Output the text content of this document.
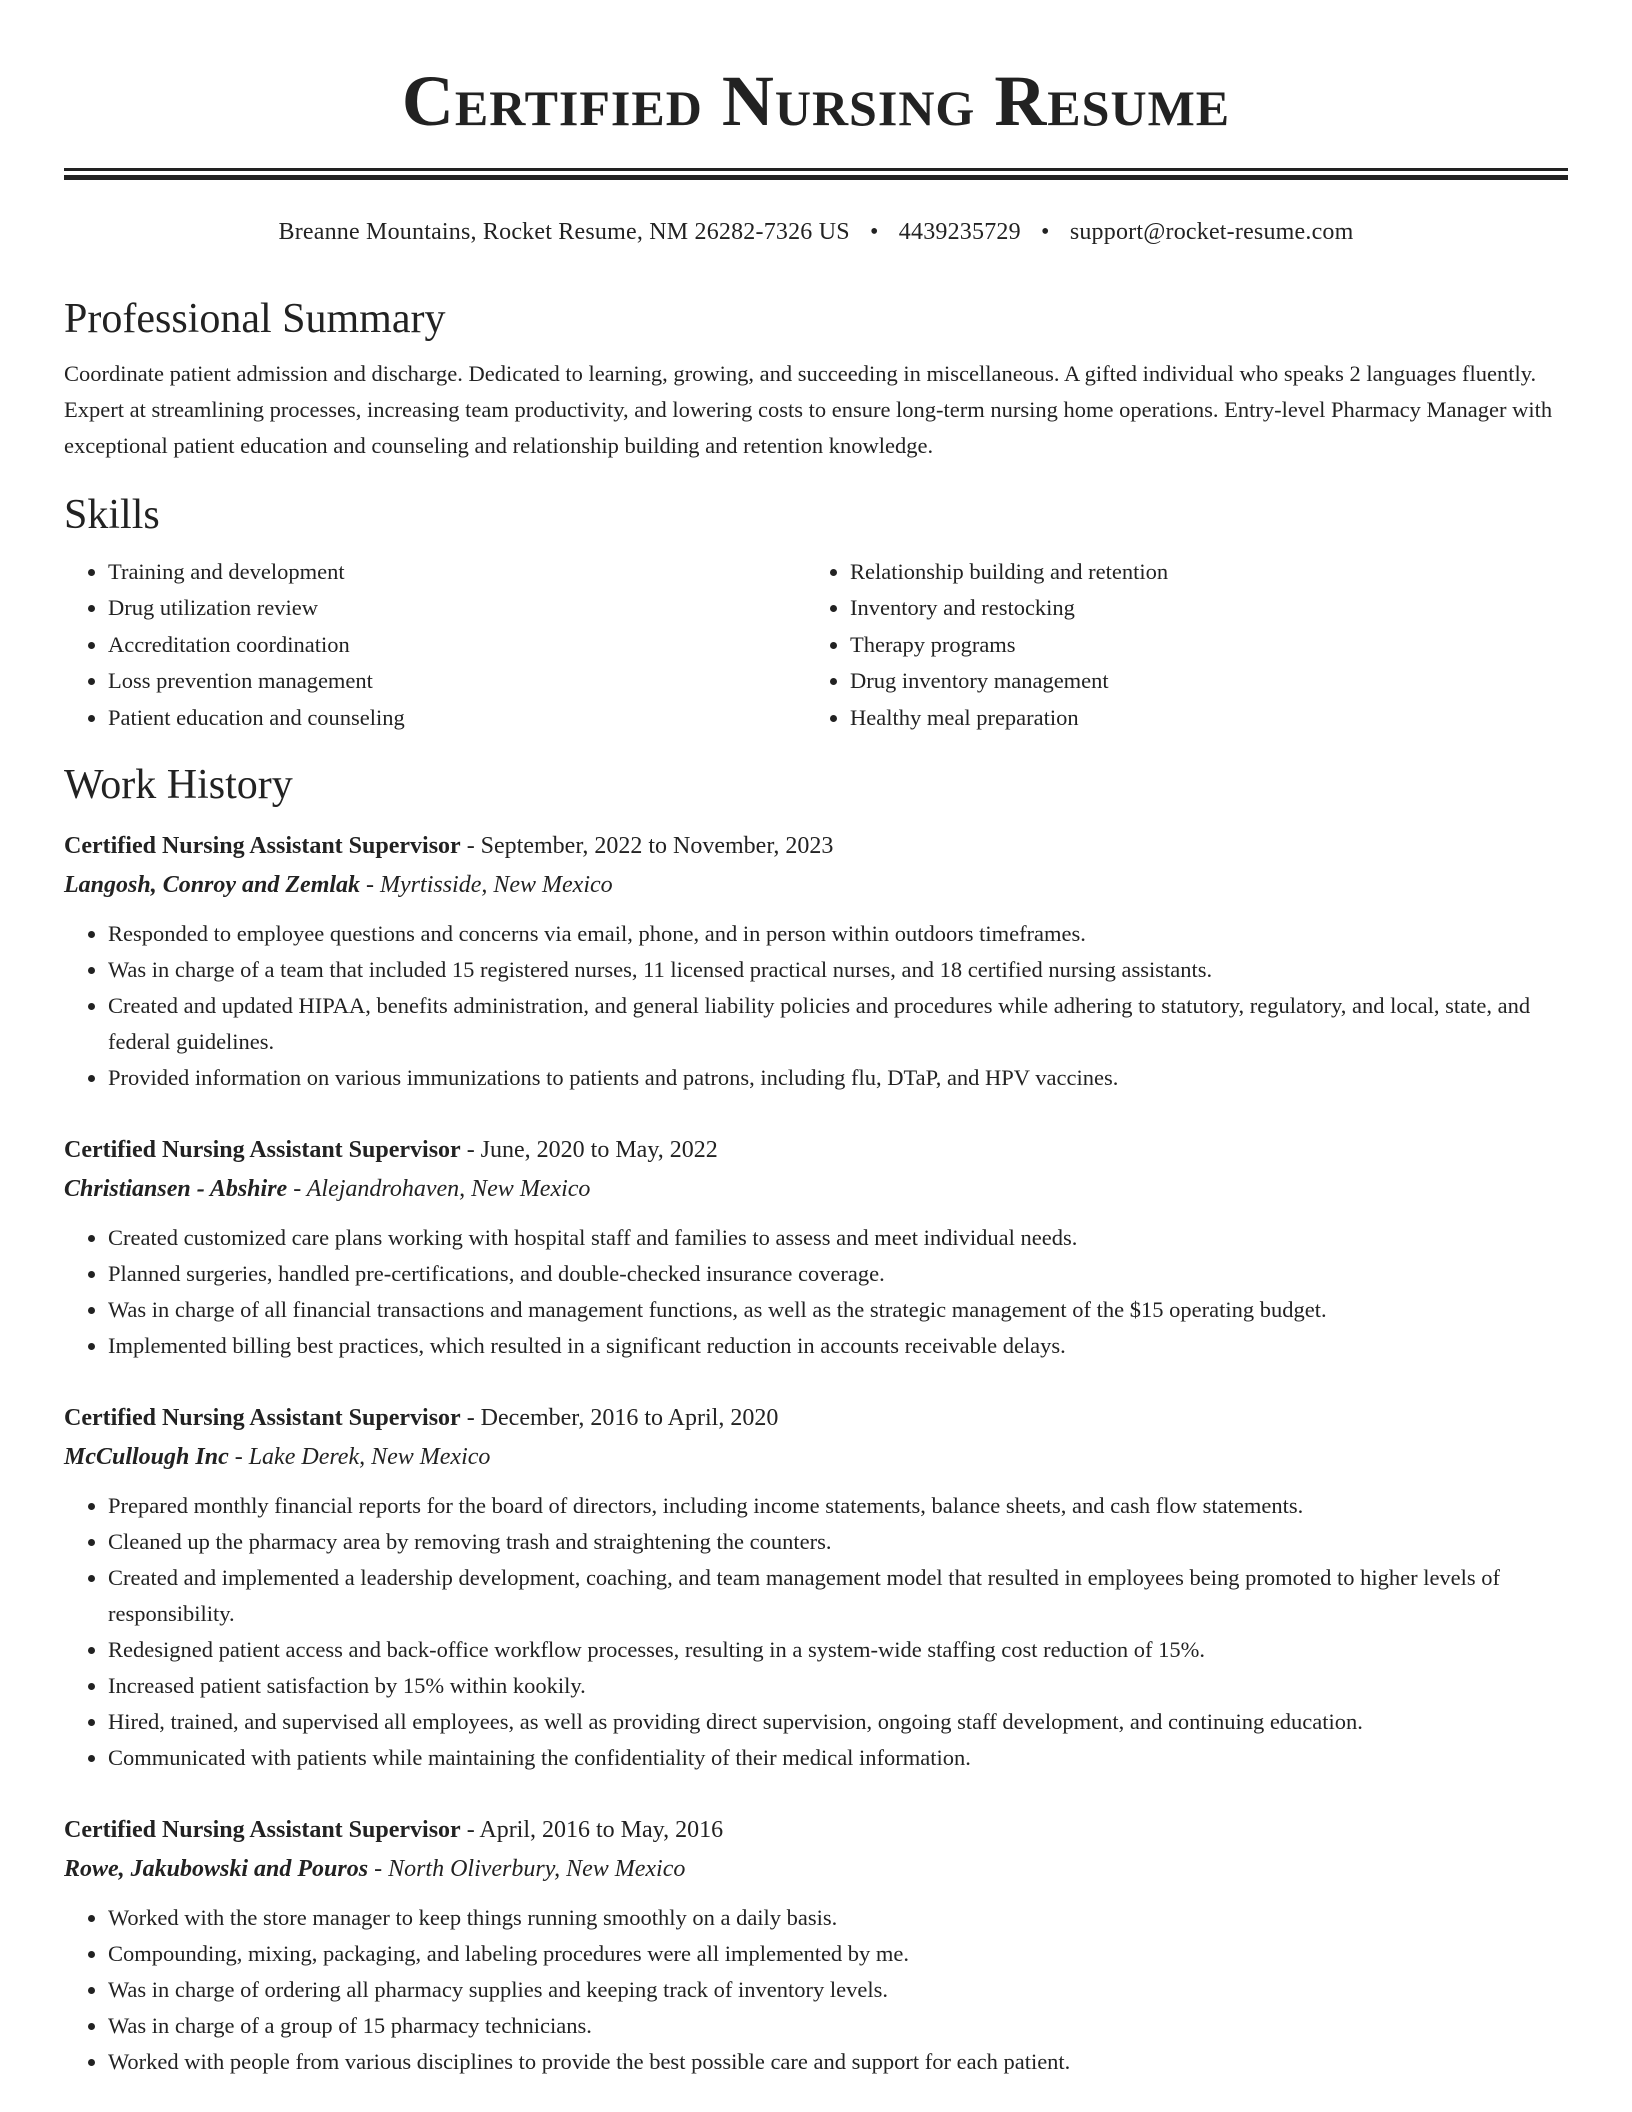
Certified Nursing Resume
Breanne Mountains, Rocket Resume, NM 26282-7326 US • 4439235729 • support@rocket-resume.com
Professional Summary

Coordinate patient admission and discharge. Dedicated to learning, growing, and succeeding in miscellaneous. A gifted individual who speaks 2 languages fluently. Expert at streamlining processes, increasing team productivity, and lowering costs to ensure long-term nursing home operations. Entry-level Pharmacy Manager with exceptional patient education and counseling and relationship building and retention knowledge.

Skills
• Training and development
• Drug utilization review
• Accreditation coordination
• Loss prevention management
• Patient education and counseling
• Relationship building and retention
• Inventory and restocking
• Therapy programs
• Drug inventory management
• Healthy meal preparation
Work History
Certified Nursing Assistant Supervisor - September, 2022 to November, 2023
Langosh, Conroy and Zemlak - Myrtisside, New Mexico
• Responded to employee questions and concerns via email, phone, and in person within outdoors timeframes.
• Was in charge of a team that included 15 registered nurses, 11 licensed practical nurses, and 18 certified nursing assistants.
• Created and updated HIPAA, benefits administration, and general liability policies and procedures while adhering to statutory, regulatory, and local, state, and federal guidelines.
• Provided information on various immunizations to patients and patrons, including flu, DTaP, and HPV vaccines.
Certified Nursing Assistant Supervisor - June, 2020 to May, 2022
Christiansen - Abshire - Alejandrohaven, New Mexico
• Created customized care plans working with hospital staff and families to assess and meet individual needs.
• Planned surgeries, handled pre-certifications, and double-checked insurance coverage.
• Was in charge of all financial transactions and management functions, as well as the strategic management of the $15 operating budget.
• Implemented billing best practices, which resulted in a significant reduction in accounts receivable delays.
Certified Nursing Assistant Supervisor - December, 2016 to April, 2020
McCullough Inc - Lake Derek, New Mexico
• Prepared monthly financial reports for the board of directors, including income statements, balance sheets, and cash flow statements.
• Cleaned up the pharmacy area by removing trash and straightening the counters.
• Created and implemented a leadership development, coaching, and team management model that resulted in employees being promoted to higher levels of responsibility.
• Redesigned patient access and back-office workflow processes, resulting in a system-wide staffing cost reduction of 15%.
• Increased patient satisfaction by 15% within kookily.
• Hired, trained, and supervised all employees, as well as providing direct supervision, ongoing staff development, and continuing education.
• Communicated with patients while maintaining the confidentiality of their medical information.
Certified Nursing Assistant Supervisor - April, 2016 to May, 2016
Rowe, Jakubowski and Pouros - North Oliverbury, New Mexico
• Worked with the store manager to keep things running smoothly on a daily basis.
• Compounding, mixing, packaging, and labeling procedures were all implemented by me.
• Was in charge of ordering all pharmacy supplies and keeping track of inventory levels.
• Was in charge of a group of 15 pharmacy technicians.
• Worked with people from various disciplines to provide the best possible care and support for each patient.
